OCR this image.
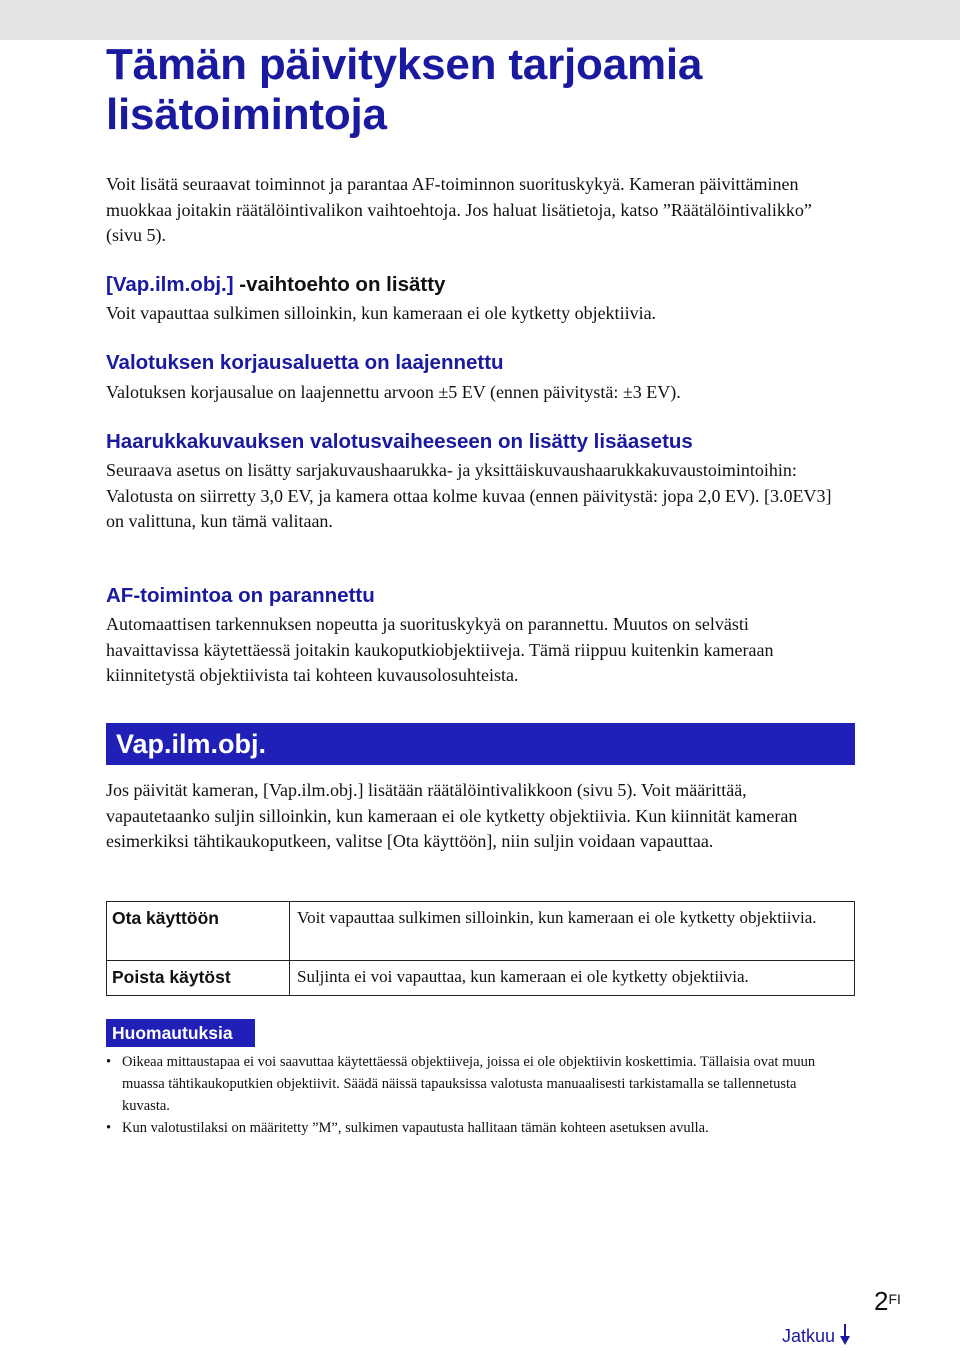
Tämän päivityksen tarjoamia lisätoimintoja

Voit lisätä seuraavat toiminnot ja parantaa AF-toiminnon suorituskykyä. Kameran päivittäminen muokkaa joitakin räätälöintivalikon vaihtoehtoja. Jos haluat lisätietoja, katso ”Räätälöintivalikko” (sivu 5).

[Vap.ilm.obj.] -vaihtoehto on lisätty

Voit vapauttaa sulkimen silloinkin, kun kameraan ei ole kytketty objektiivia.

Valotuksen korjausaluetta on laajennettu

Valotuksen korjausalue on laajennettu arvoon ±5 EV (ennen päivitystä: ±3 EV).

Haarukkakuvauksen valotusvaiheeseen on lisätty lisäasetus

Seuraava asetus on lisätty sarjakuvaushaarukka- ja yksittäiskuvaushaarukkakuvaustoimintoihin: Valotusta on siirretty 3,0 EV, ja kamera ottaa kolme kuvaa (ennen päivitystä: jopa 2,0 EV). [3.0EV3] on valittuna, kun tämä valitaan.

AF-toimintoa on parannettu

Automaattisen tarkennuksen nopeutta ja suorituskykyä on parannettu. Muutos on selvästi havaittavissa käytettäessä joitakin kaukoputkiobjektiiveja. Tämä riippuu kuitenkin kameraan kiinnitetystä objektiivista tai kohteen kuvausolosuhteista.

Vap.ilm.obj.

Jos päivität kameran, [Vap.ilm.obj.] lisätään räätälöintivalikkoon (sivu 5). Voit määrittää, vapautetaanko suljin silloinkin, kun kameraan ei ole kytketty objektiivia. Kun kiinnität kameran esimerkiksi tähtikaukoputkeen, valitse [Ota käyttöön], niin suljin voidaan vapauttaa.

Ota käyttöön	Voit vapauttaa sulkimen silloinkin, kun kameraan ei ole kytketty objektiivia.
Poista käytöst	Suljinta ei voi vapauttaa, kun kameraan ei ole kytketty objektiivia.
Huomautuksia
• Oikeaa mittaustapaa ei voi saavuttaa käytettäessä objektiiveja, joissa ei ole objektiivin koskettimia. Tällaisia ovat muun muassa tähtikaukoputkien objektiivit. Säädä näissä tapauksissa valotusta manuaalisesti tarkistamalla se tallennetusta kuvasta.
• Kun valotustilaksi on määritetty ”M”, sulkimen vapautusta hallitaan tämän kohteen asetuksen avulla.
$2^{FI}$
Jatkuu
